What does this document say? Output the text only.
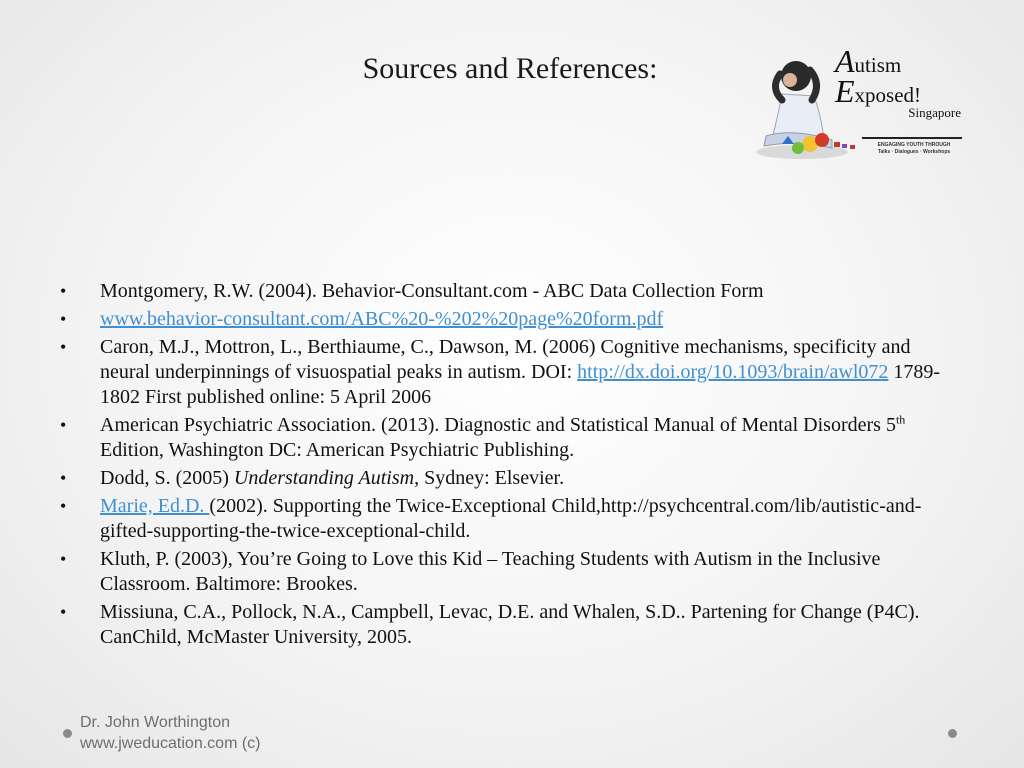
Sources and References:	Autism
Exposed!
Singapore
ENGAGING YOUTH THROUGH
Talks · Dialogues · Workshops
• Montgomery, R.W. (2004). Behavior-Consultant.com - ABC Data Collection Form
• www.behavior-consultant.com/ABC%20-%202%20page%20form.pdf
• Caron, M.J., Mottron, L., Berthiaume, C., Dawson, M. (2006) Cognitive mechanisms, specificity and neural underpinnings of visuospatial peaks in autism. DOI: http://dx.doi.org/10.1093/brain/awl072 1789-1802 First published online: 5 April 2006
• American Psychiatric Association. (2013). Diagnostic and Statistical Manual of Mental Disorders 5th Edition, Washington DC: American Psychiatric Publishing.
• Dodd, S. (2005) Understanding Autism, Sydney: Elsevier.
• Marie, Ed.D. (2002). Supporting the Twice-Exceptional Child,http://psychcentral.com/lib/autistic-and-gifted-supporting-the-twice-exceptional-child.
• Kluth, P. (2003), You’re Going to Love this Kid – Teaching Students with Autism in the Inclusive Classroom. Baltimore: Brookes.
• Missiuna, C.A., Pollock, N.A., Campbell, Levac, D.E. and Whalen, S.D.. Partening for Change (P4C). CanChild, McMaster University, 2005.
Dr. John Worthington
www.jweducation.com (c)
